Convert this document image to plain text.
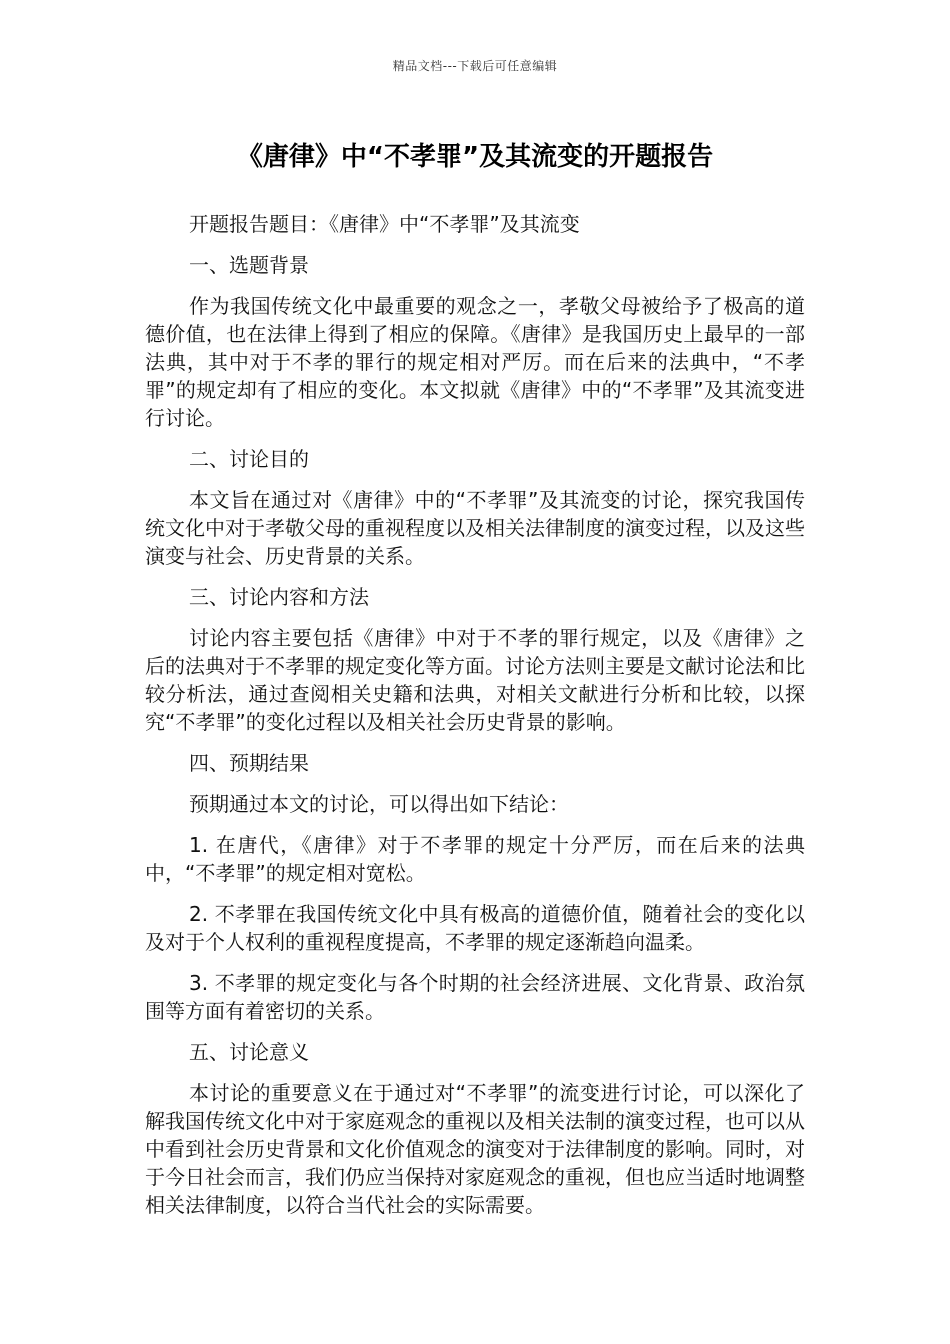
精品文档---下载后可任意编辑
《唐律》中“不孝罪”及其流变的开题报告

开题报告题目：《唐律》中“不孝罪”及其流变

一、选题背景

作为我国传统文化中最重要的观念之一，孝敬父母被给予了极高的道德价值，也在法律上得到了相应的保障。《唐律》是我国历史上最早的一部法典，其中对于不孝的罪行的规定相对严厉。而在后来的法典中，“不孝罪”的规定却有了相应的变化。本文拟就《唐律》中的“不孝罪”及其流变进行讨论。

二、讨论目的

本文旨在通过对《唐律》中的“不孝罪”及其流变的讨论，探究我国传统文化中对于孝敬父母的重视程度以及相关法律制度的演变过程，以及这些演变与社会、历史背景的关系。

三、讨论内容和方法

讨论内容主要包括《唐律》中对于不孝的罪行规定，以及《唐律》之后的法典对于不孝罪的规定变化等方面。讨论方法则主要是文献讨论法和比较分析法，通过查阅相关史籍和法典，对相关文献进行分析和比较，以探究“不孝罪”的变化过程以及相关社会历史背景的影响。

四、预期结果

预期通过本文的讨论，可以得出如下结论：

1. 在唐代，《唐律》对于不孝罪的规定十分严厉，而在后来的法典中，“不孝罪”的规定相对宽松。

2. 不孝罪在我国传统文化中具有极高的道德价值，随着社会的变化以及对于个人权利的重视程度提高，不孝罪的规定逐渐趋向温柔。

3. 不孝罪的规定变化与各个时期的社会经济进展、文化背景、政治氛围等方面有着密切的关系。

五、讨论意义

本讨论的重要意义在于通过对“不孝罪”的流变进行讨论，可以深化了解我国传统文化中对于家庭观念的重视以及相关法制的演变过程，也可以从中看到社会历史背景和文化价值观念的演变对于法律制度的影响。同时，对于今日社会而言，我们仍应当保持对家庭观念的重视，但也应当适时地调整相关法律制度，以符合当代社会的实际需要。
